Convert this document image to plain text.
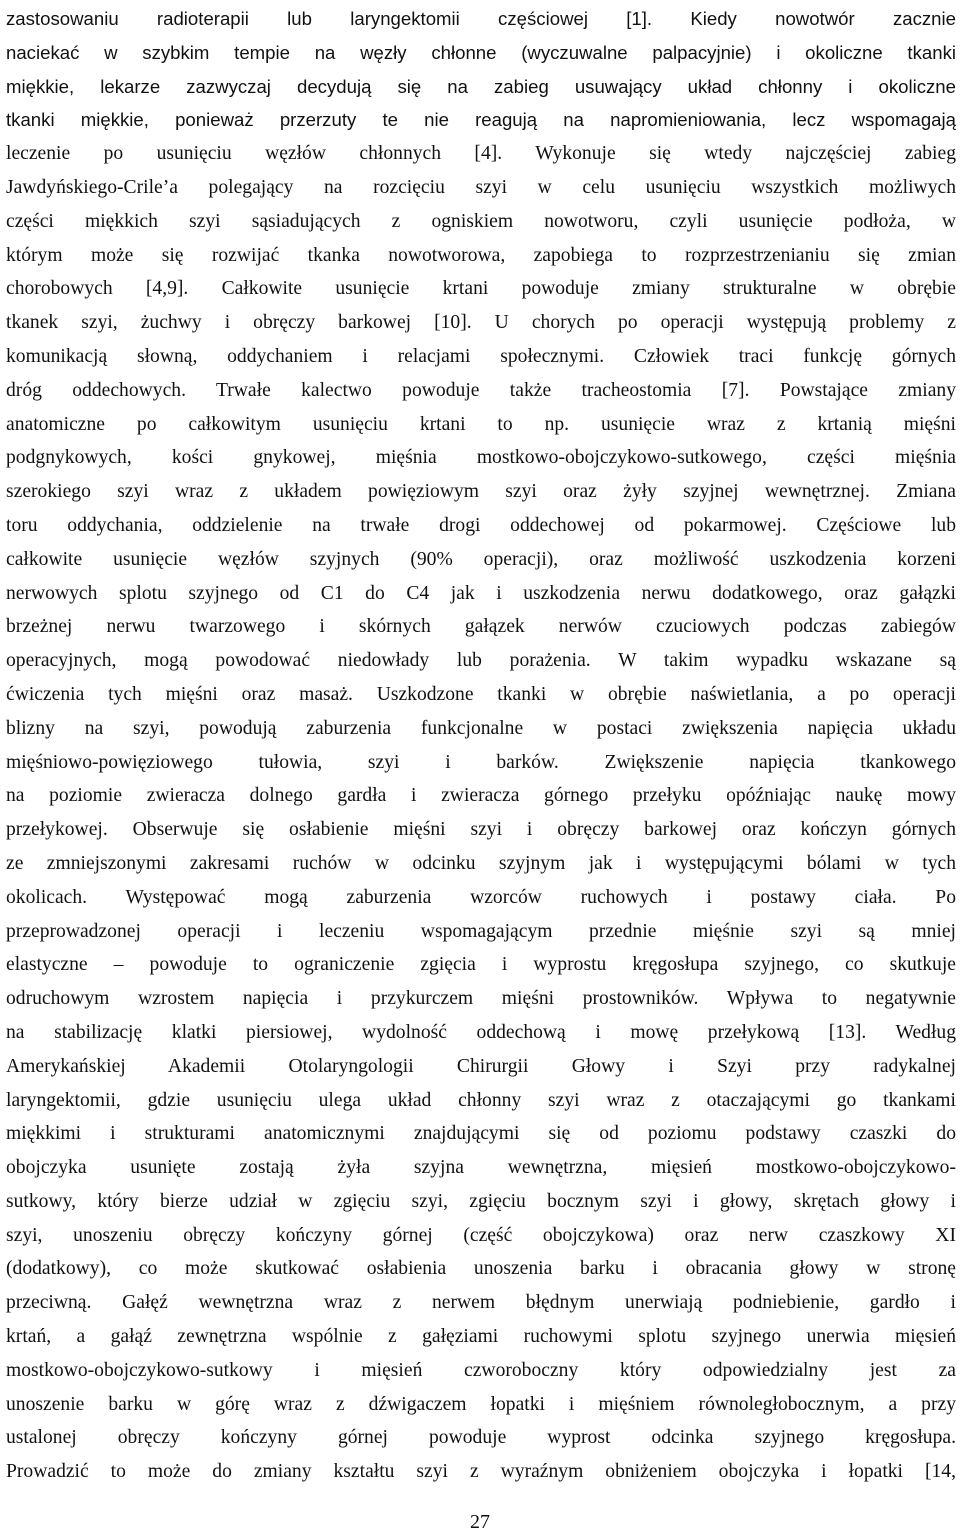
zastosowaniu radioterapii lub laryngektomii częściowej [1]. Kiedy nowotwór zacznie
naciekać w szybkim tempie na węzły chłonne (wyczuwalne palpacyjnie) i okoliczne tkanki
miękkie, lekarze zazwyczaj decydują się na zabieg usuwający układ chłonny i okoliczne
tkanki miękkie, ponieważ przerzuty te nie reagują na napromieniowania, lecz wspomagają
leczenie po usunięciu węzłów chłonnych [4]. Wykonuje się wtedy najczęściej zabieg
Jawdyńskiego-Crile’a polegający na rozcięciu szyi w celu usunięciu wszystkich możliwych
części miękkich szyi sąsiadujących z ogniskiem nowotworu, czyli usunięcie podłoża, w
którym może się rozwijać tkanka nowotworowa, zapobiega to rozprzestrzenianiu się zmian
chorobowych [4,9]. Całkowite usunięcie krtani powoduje zmiany strukturalne w obrębie
tkanek szyi, żuchwy i obręczy barkowej [10]. U chorych po operacji występują problemy z
komunikacją słowną, oddychaniem i relacjami społecznymi. Człowiek traci funkcję górnych
dróg oddechowych. Trwałe kalectwo powoduje także tracheostomia [7]. Powstające zmiany
anatomiczne po całkowitym usunięciu krtani to np. usunięcie wraz z krtanią mięśni
podgnykowych, kości gnykowej, mięśnia mostkowo-obojczykowo-sutkowego, części mięśnia
szerokiego szyi wraz z układem powięziowym szyi oraz żyły szyjnej wewnętrznej. Zmiana
toru oddychania, oddzielenie na trwałe drogi oddechowej od pokarmowej. Częściowe lub
całkowite usunięcie węzłów szyjnych (90% operacji), oraz możliwość uszkodzenia korzeni
nerwowych splotu szyjnego od C1 do C4 jak i uszkodzenia nerwu dodatkowego, oraz gałązki
brzeżnej nerwu twarzowego i skórnych gałązek nerwów czuciowych podczas zabiegów
operacyjnych, mogą powodować niedowłady lub porażenia. W takim wypadku wskazane są
ćwiczenia tych mięśni oraz masaż. Uszkodzone tkanki w obrębie naświetlania, a po operacji
blizny na szyi, powodują zaburzenia funkcjonalne w postaci zwiększenia napięcia układu
mięśniowo-powięziowego tułowia, szyi i barków. Zwiększenie napięcia tkankowego
na poziomie zwieracza dolnego gardła i zwieracza górnego przełyku opóźniając naukę mowy
przełykowej. Obserwuje się osłabienie mięśni szyi i obręczy barkowej oraz kończyn górnych
ze zmniejszonymi zakresami ruchów w odcinku szyjnym jak i występującymi bólami w tych
okolicach. Występować mogą zaburzenia wzorców ruchowych i postawy ciała. Po
przeprowadzonej operacji i leczeniu wspomagającym przednie mięśnie szyi są mniej
elastyczne – powoduje to ograniczenie zgięcia i wyprostu kręgosłupa szyjnego, co skutkuje
odruchowym wzrostem napięcia i przykurczem mięśni prostowników. Wpływa to negatywnie
na stabilizację klatki piersiowej, wydolność oddechową i mowę przełykową [13]. Według
Amerykańskiej Akademii Otolaryngologii Chirurgii Głowy i Szyi przy radykalnej
laryngektomii, gdzie usunięciu ulega układ chłonny szyi wraz z otaczającymi go tkankami
miękkimi i strukturami anatomicznymi znajdującymi się od poziomu podstawy czaszki do
obojczyka usunięte zostają żyła szyjna wewnętrzna, mięsień mostkowo-obojczykowo-
sutkowy, który bierze udział w zgięciu szyi, zgięciu bocznym szyi i głowy, skrętach głowy i
szyi, unoszeniu obręczy kończyny górnej (część obojczykowa) oraz nerw czaszkowy XI
(dodatkowy), co może skutkować osłabienia unoszenia barku i obracania głowy w stronę
przeciwną. Gałęź wewnętrzna wraz z nerwem błędnym unerwiają podniebienie, gardło i
krtań, a gałąź zewnętrzna wspólnie z gałęziami ruchowymi splotu szyjnego unerwia mięsień
mostkowo-obojczykowo-sutkowy i mięsień czworoboczny który odpowiedzialny jest za
unoszenie barku w górę wraz z dźwigaczem łopatki i mięśniem równoległobocznym, a przy
ustalonej obręczy kończyny górnej powoduje wyprost odcinka szyjnego kręgosłupa.
Prowadzić to może do zmiany kształtu szyi z wyraźnym obniżeniem obojczyka i łopatki [14,
27
